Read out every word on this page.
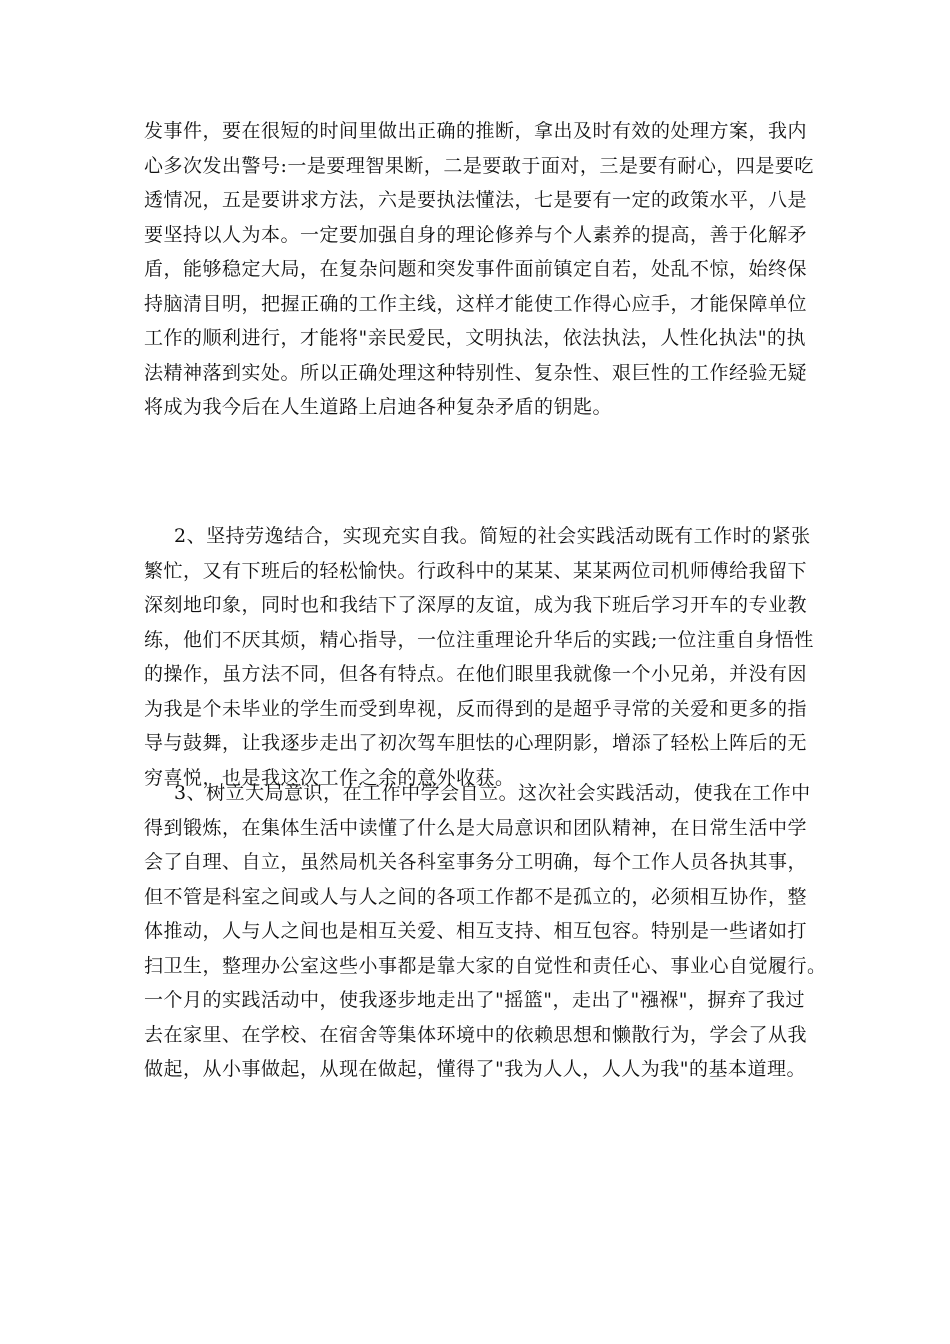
发事件，要在很短的时间里做出正确的推断，拿出及时有效的处理方案，我内
心多次发出警号:一是要理智果断，二是要敢于面对，三是要有耐心，四是要吃
透情况，五是要讲求方法，六是要执法懂法，七是要有一定的政策水平，八是
要坚持以人为本。一定要加强自身的理论修养与个人素养的提高，善于化解矛
盾，能够稳定大局，在复杂问题和突发事件面前镇定自若，处乱不惊，始终保
持脑清目明，把握正确的工作主线，这样才能使工作得心应手，才能保障单位
工作的顺利进行，才能将"亲民爱民，文明执法，依法执法，人性化执法"的执
法精神落到实处。所以正确处理这种特别性、复杂性、艰巨性的工作经验无疑
将成为我今后在人生道路上启迪各种复杂矛盾的钥匙。
2、坚持劳逸结合，实现充实自我。简短的社会实践活动既有工作时的紧张
繁忙，又有下班后的轻松愉快。行政科中的某某、某某两位司机师傅给我留下
深刻地印象，同时也和我结下了深厚的友谊，成为我下班后学习开车的专业教
练，他们不厌其烦，精心指导，一位注重理论升华后的实践;一位注重自身悟性
的操作，虽方法不同，但各有特点。在他们眼里我就像一个小兄弟，并没有因
为我是个未毕业的学生而受到卑视，反而得到的是超乎寻常的关爱和更多的指
导与鼓舞，让我逐步走出了初次驾车胆怯的心理阴影，增添了轻松上阵后的无
穷喜悦，也是我这次工作之余的意外收获。
3、树立大局意识，在工作中学会自立。这次社会实践活动，使我在工作中
得到锻炼，在集体生活中读懂了什么是大局意识和团队精神，在日常生活中学
会了自理、自立，虽然局机关各科室事务分工明确，每个工作人员各执其事，
但不管是科室之间或人与人之间的各项工作都不是孤立的，必须相互协作，整
体推动，人与人之间也是相互关爱、相互支持、相互包容。特别是一些诸如打
扫卫生，整理办公室这些小事都是靠大家的自觉性和责任心、事业心自觉履行。
一个月的实践活动中，使我逐步地走出了"摇篮"，走出了"襁褓"，摒弃了我过
去在家里、在学校、在宿舍等集体环境中的依赖思想和懒散行为，学会了从我
做起，从小事做起，从现在做起，懂得了"我为人人，人人为我"的基本道理。
